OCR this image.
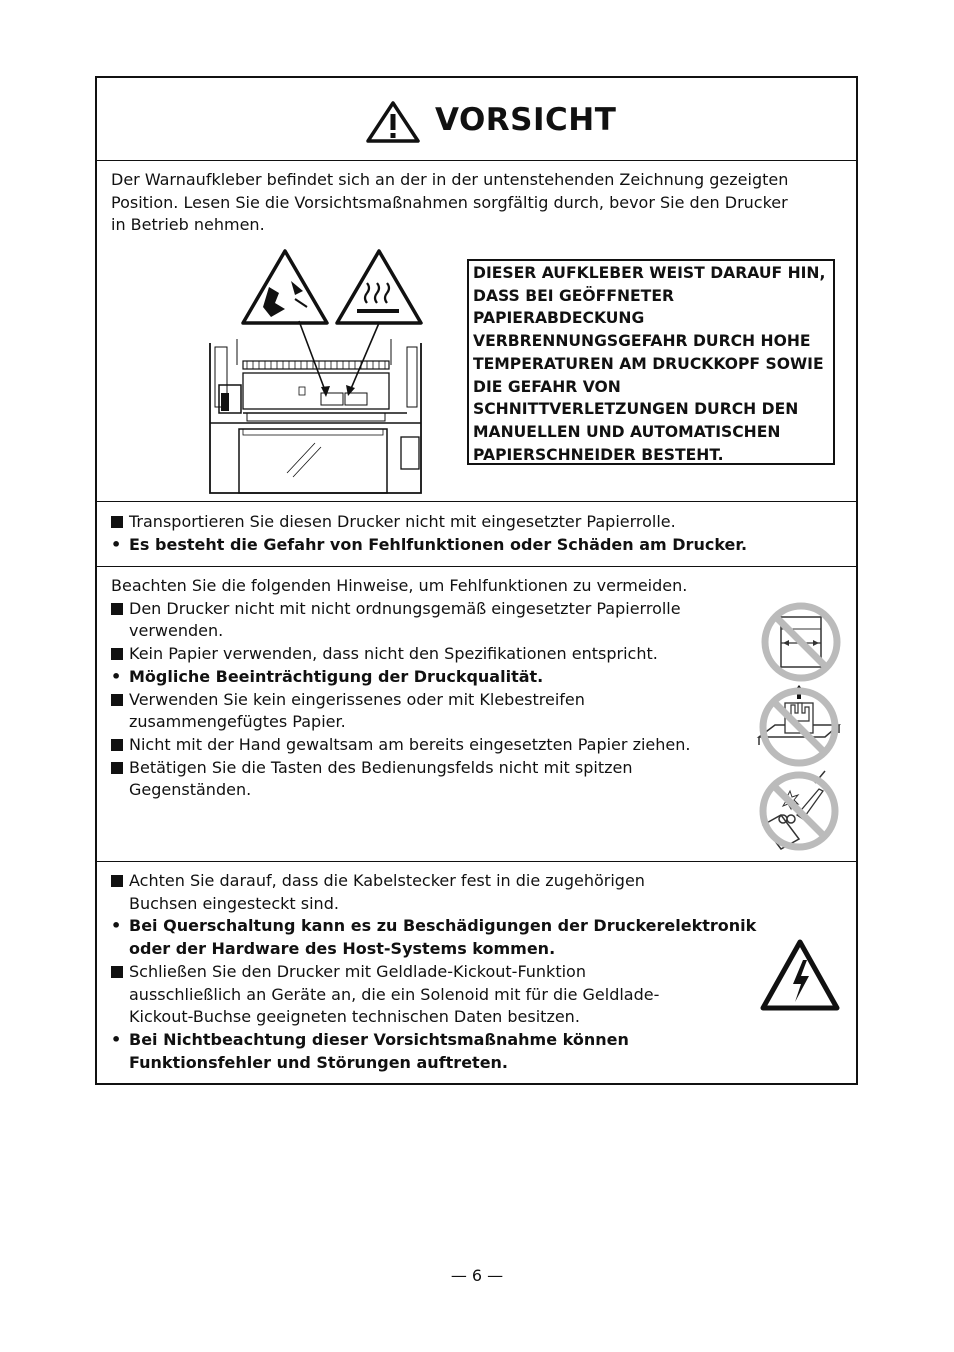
VORSICHT
Der Warnaufkleber befindet sich an der in der untenstehenden Zeichnung gezeigten
Position. Lesen Sie die Vorsichtsmaßnahmen sorgfältig durch, bevor Sie den Drucker
in Betrieb nehmen.
DIESER AUFKLEBER WEIST DARAUF HIN,
DASS BEI GEÖFFNETER
PAPIERABDECKUNG
VERBRENNUNGSGEFAHR DURCH HOHE
TEMPERATUREN AM DRUCKKOPF SOWIE
DIE GEFAHR VON
SCHNITTVERLETZUNGEN DURCH DEN
MANUELLEN UND AUTOMATISCHEN
PAPIERSCHNEIDER BESTEHT.
Transportieren Sie diesen Drucker nicht mit eingesetzter Papierrolle.
• Es besteht die Gefahr von Fehlfunktionen oder Schäden am Drucker.
Beachten Sie die folgenden Hinweise, um Fehlfunktionen zu vermeiden.
Den Drucker nicht mit nicht ordnungsgemäß eingesetzter Papierrolle
verwenden.
Kein Papier verwenden, dass nicht den Spezifikationen entspricht.
• Mögliche Beeinträchtigung der Druckqualität.
Verwenden Sie kein eingerissenes oder mit Klebestreifen
zusammengefügtes Papier.
Nicht mit der Hand gewaltsam am bereits eingesetzten Papier ziehen.
Betätigen Sie die Tasten des Bedienungsfelds nicht mit spitzen
Gegenständen.
Achten Sie darauf, dass die Kabelstecker fest in die zugehörigen
Buchsen eingesteckt sind.
• Bei Querschaltung kann es zu Beschädigungen der Druckerelektronik
oder der Hardware des Host-Systems kommen.
Schließen Sie den Drucker mit Geldlade-Kickout-Funktion
ausschließlich an Geräte an, die ein Solenoid mit für die Geldlade-
Kickout-Buchse geeigneten technischen Daten besitzen.
• Bei Nichtbeachtung dieser Vorsichtsmaßnahme können
Funktionsfehler und Störungen auftreten.
— 6 —
